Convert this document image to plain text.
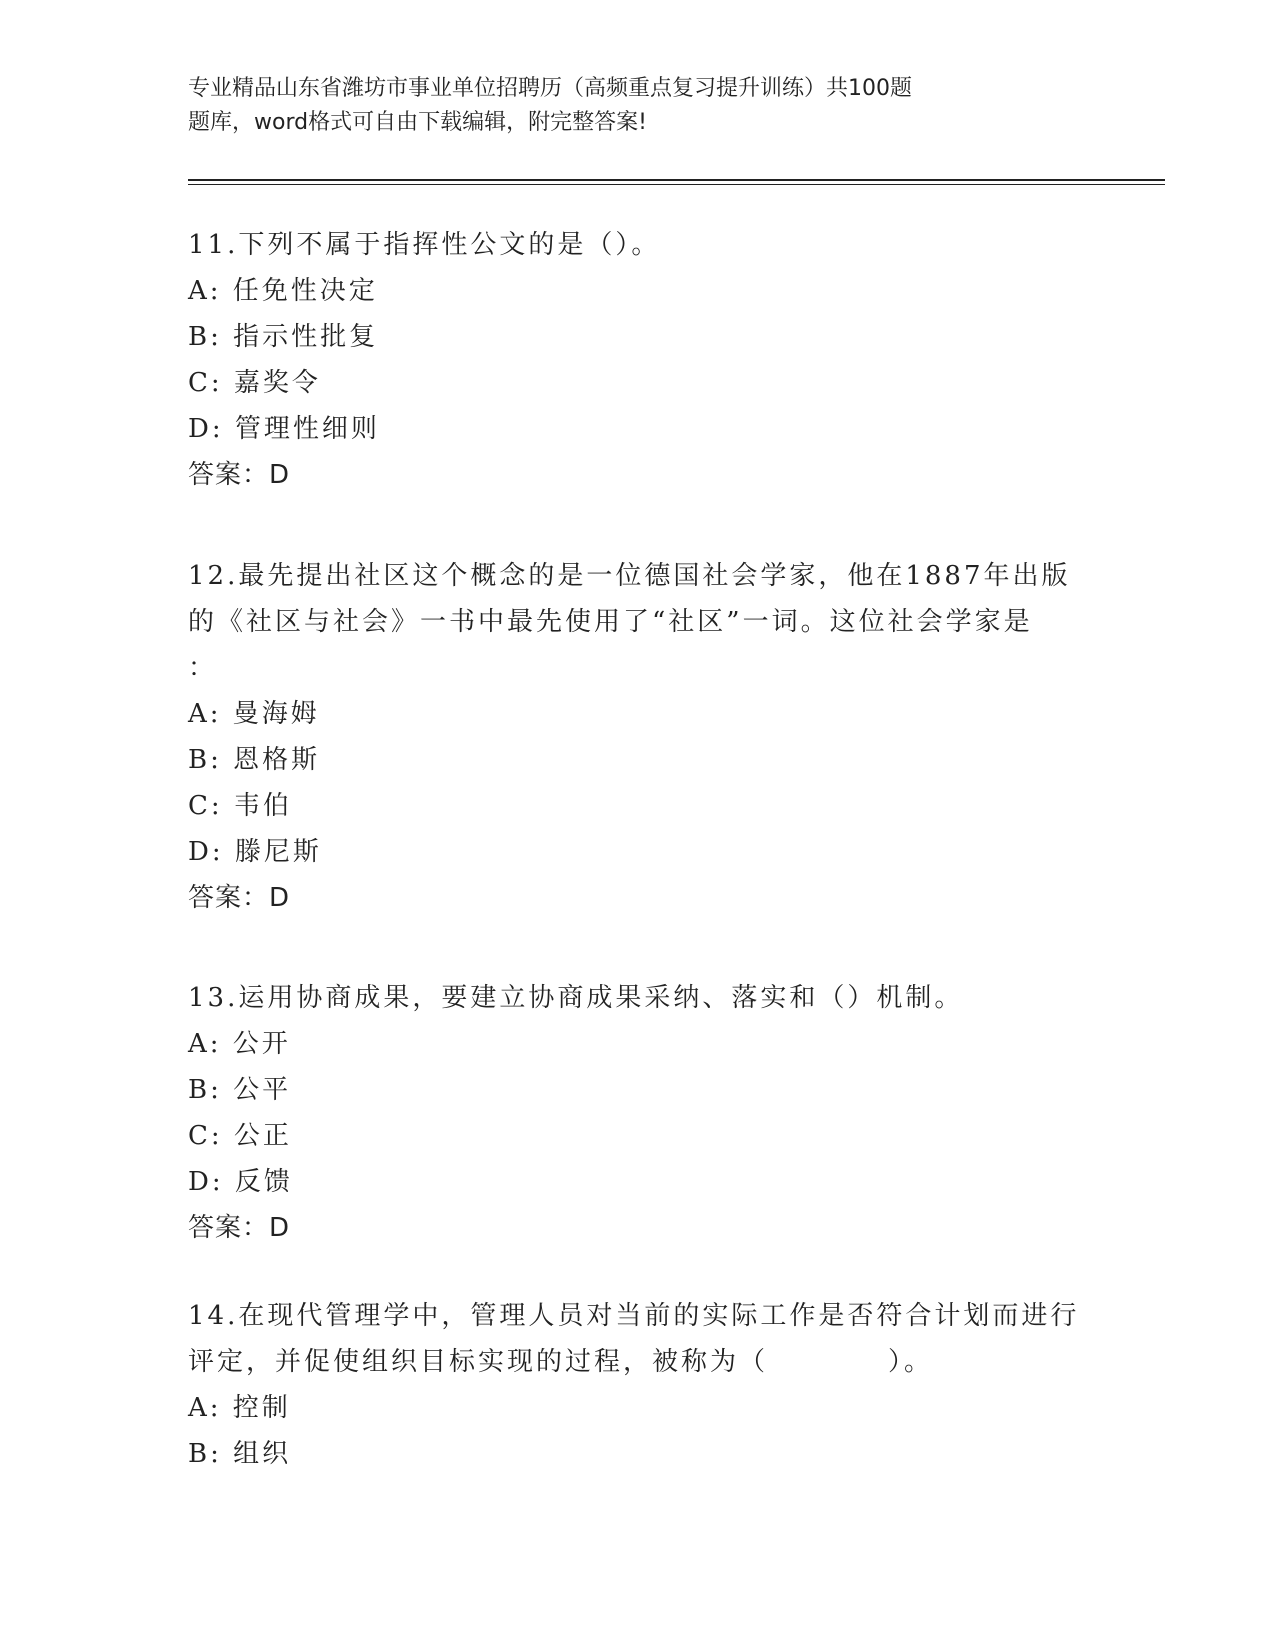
专业精品山东省潍坊市事业单位招聘历（高频重点复习提升训练）共100题
题库，word格式可自由下载编辑，附完整答案!
11.下列不属于指挥性公文的是（）。
A: 任免性决定
B: 指示性批复
C: 嘉奖令
D: 管理性细则
答案：D
12.最先提出社区这个概念的是一位德国社会学家，他在1887年出版
的《社区与社会》一书中最先使用了“社区”一词。这位社会学家是
：
A: 曼海姆
B: 恩格斯
C: 韦伯
D: 滕尼斯
答案：D
13.运用协商成果，要建立协商成果采纳、落实和（）机制。
A: 公开
B: 公平
C: 公正
D: 反馈
答案：D
14.在现代管理学中，管理人员对当前的实际工作是否符合计划而进行
评定，并促使组织目标实现的过程，被称为（	）。
A: 控制
B: 组织
